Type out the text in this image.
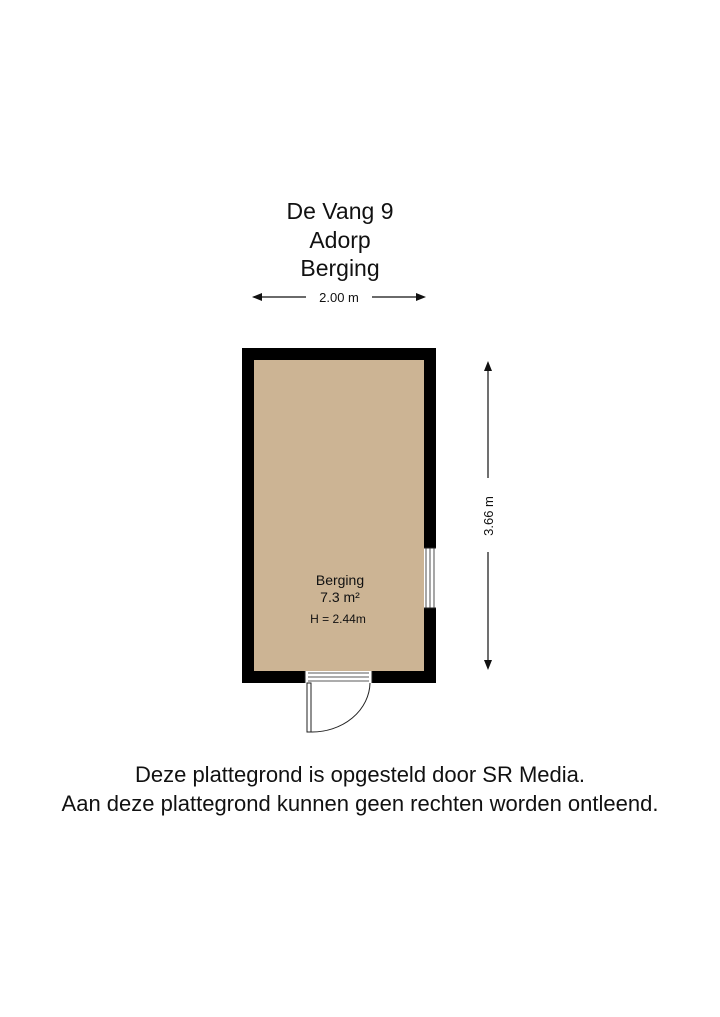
De Vang 9
Adorp
Berging
2.00 m
3.66 m
Berging
7.3 m²
H = 2.44m
Deze plattegrond is opgesteld door SR Media.
Aan deze plattegrond kunnen geen rechten worden ontleend.
